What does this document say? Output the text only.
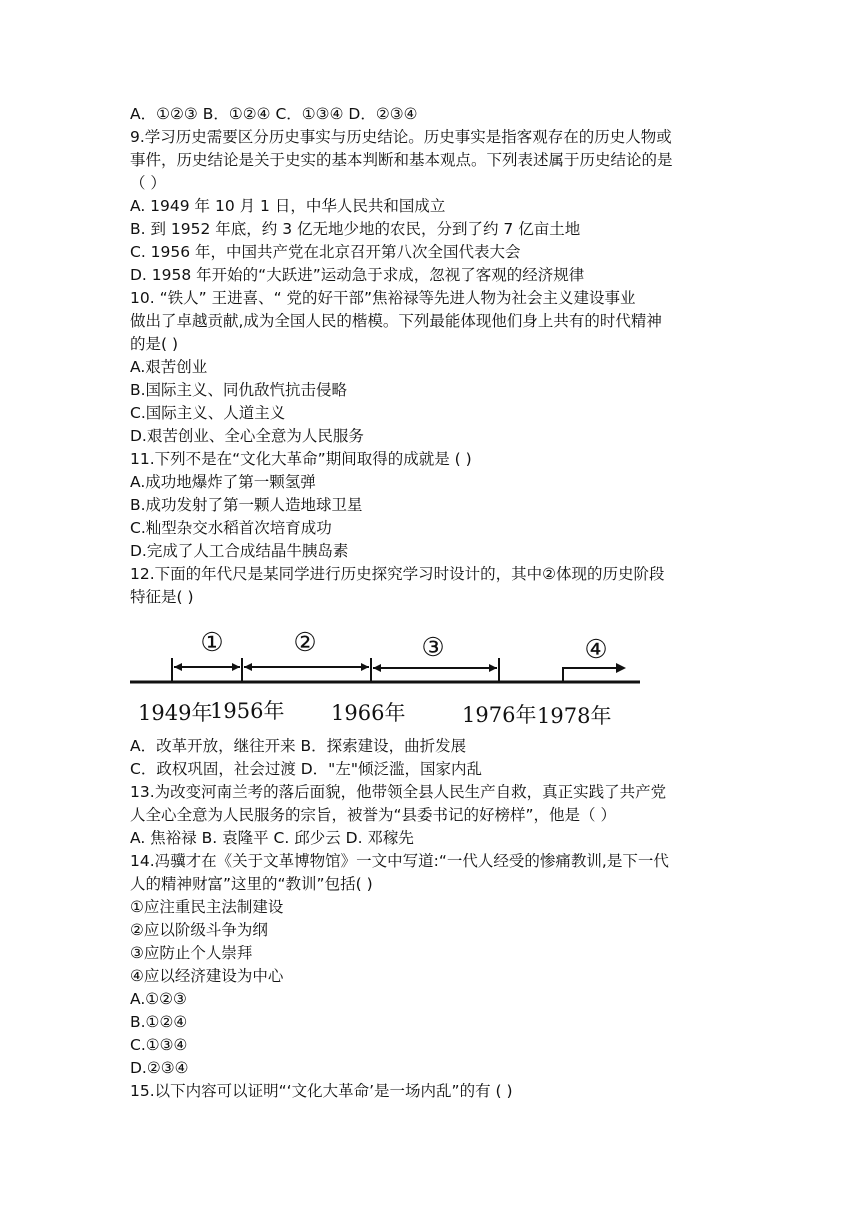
A．①②③ B．①②④ C．①③④ D．②③④
9.学习历史需要区分历史事实与历史结论。历史事实是指客观存在的历史人物或
事件，历史结论是关于史实的基本判断和基本观点。下列表述属于历史结论的是
（ ）
A. 1949 年 10 月 1 日，中华人民共和国成立
B. 到 1952 年底，约 3 亿无地少地的农民，分到了约 7 亿亩土地
C. 1956 年，中国共产党在北京召开第八次全国代表大会
D. 1958 年开始的“大跃进”运动急于求成，忽视了客观的经济规律
10. “铁人” 王进喜、“ 党的好干部”焦裕禄等先进人物为社会主义建设事业
做出了卓越贡献,成为全国人民的楷模。下列最能体现他们身上共有的时代精神
的是( )
A.艰苦创业
B.国际主义、同仇敌忾抗击侵略
C.国际主义、人道主义
D.艰苦创业、全心全意为人民服务
11.下列不是在“文化大革命”期间取得的成就是 ( )
A.成功地爆炸了第一颗氢弹
B.成功发射了第一颗人造地球卫星
C.籼型杂交水稻首次培育成功
D.完成了人工合成结晶牛胰岛素
12.下面的年代尺是某同学进行历史探究学习时设计的，其中②体现的历史阶段
特征是( )
①	②	③	④
1949年
1956年 1966年	1976年 1978年
A．改革开放，继往开来 B．探索建设，曲折发展
C．政权巩固，社会过渡 D．"左"倾泛滥，国家内乱
13.为改变河南兰考的落后面貌，他带领全县人民生产自救，真正实践了共产党
人全心全意为人民服务的宗旨，被誉为“县委书记的好榜样”，他是（ ）
A. 焦裕禄 B. 袁隆平 C. 邱少云 D. 邓稼先
14.冯骥才在《关于文革博物馆》一文中写道:“一代人经受的惨痛教训,是下一代
人的精神财富”这里的“教训”包括( )
①应注重民主法制建设
②应以阶级斗争为纲
③应防止个人崇拜
④应以经济建设为中心
A.①②③
B.①②④
C.①③④
D.②③④
15.以下内容可以证明“‘文化大革命’是一场内乱”的有 ( )
